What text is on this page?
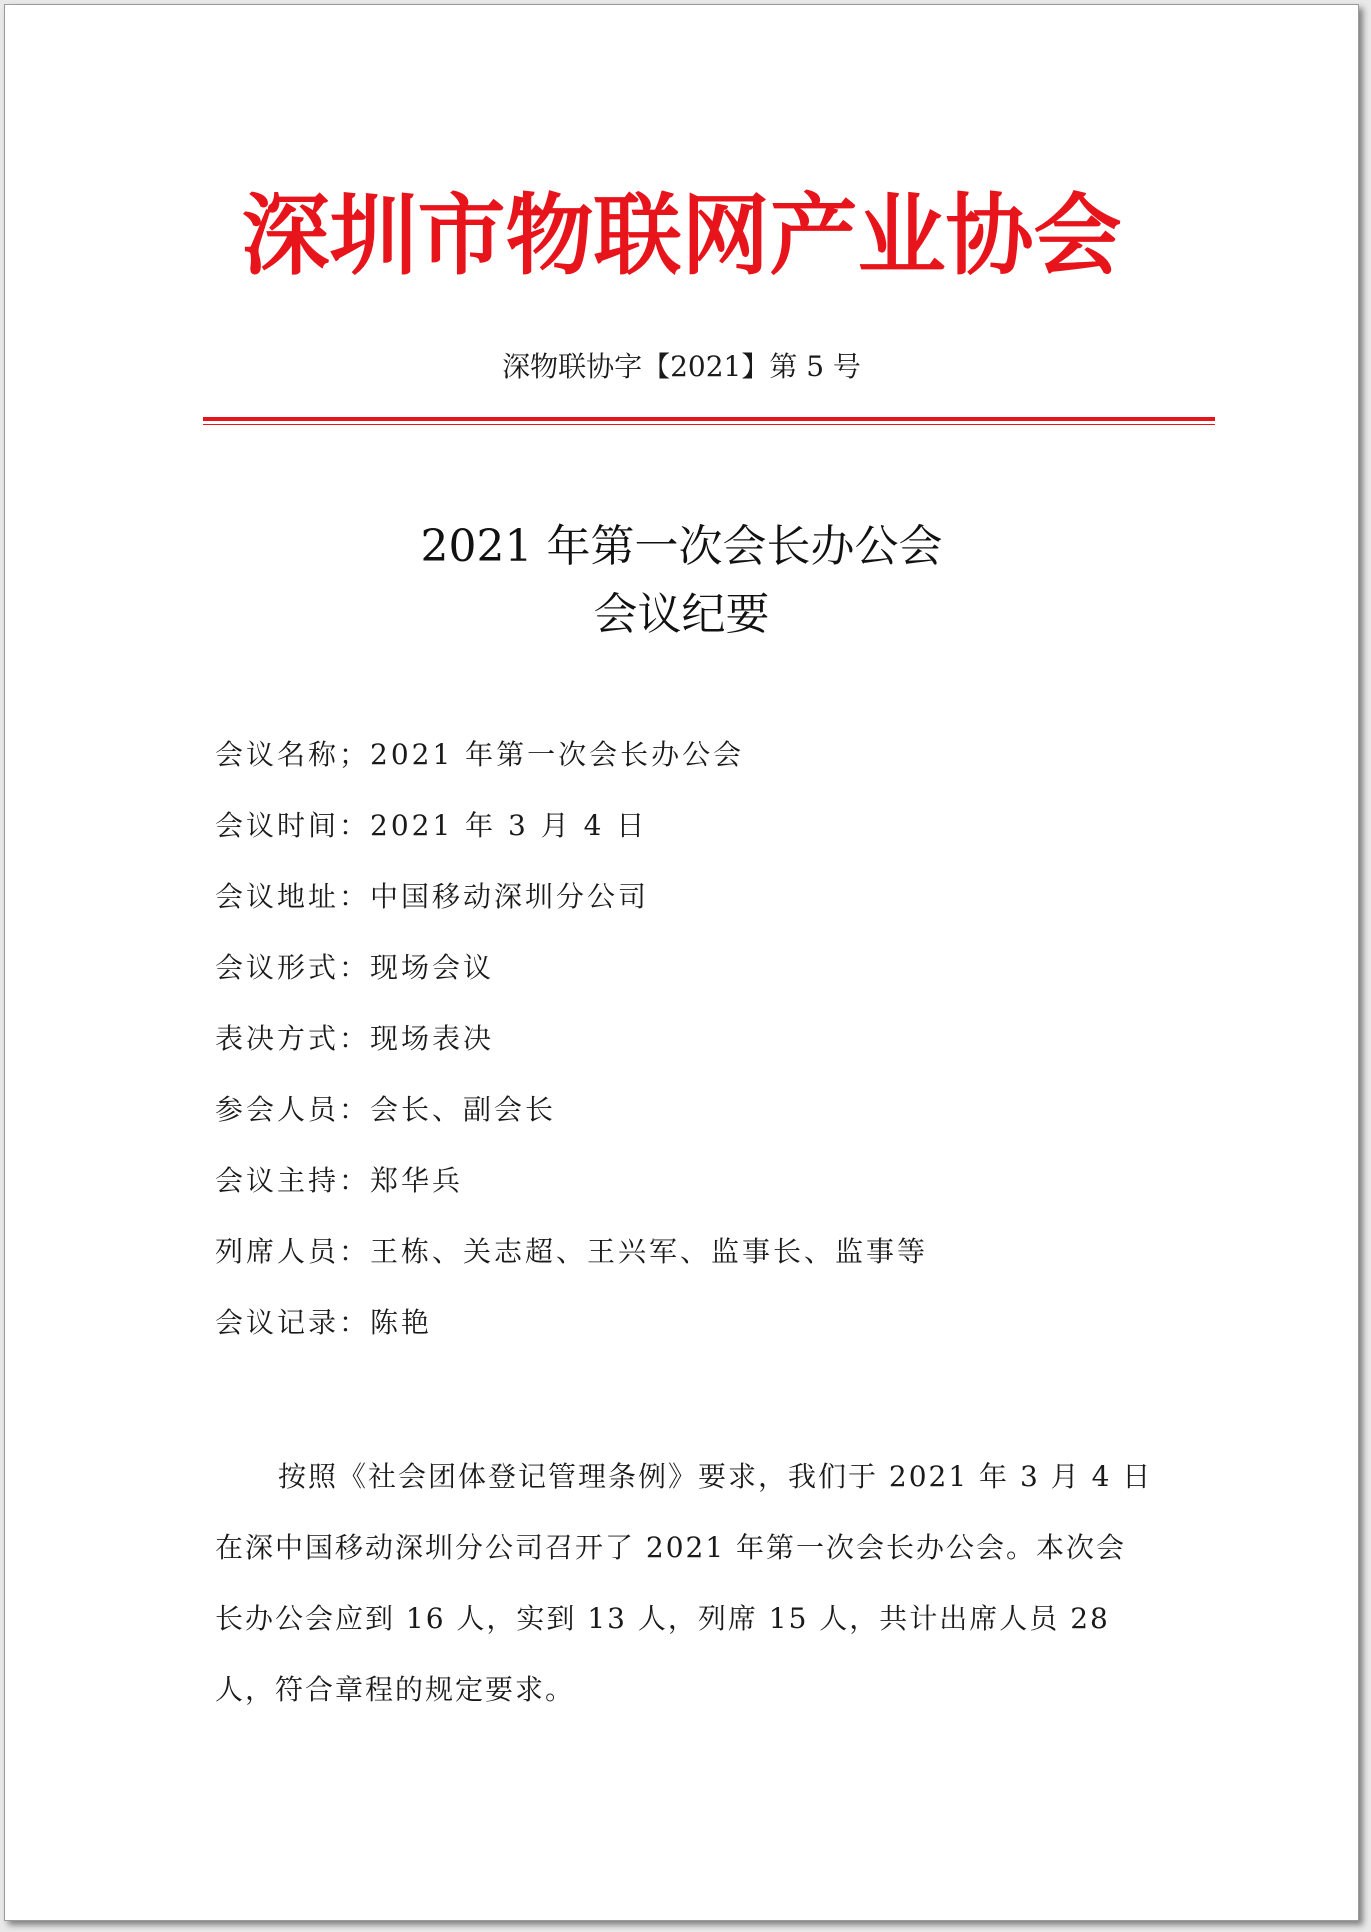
深圳市物联网产业协会
深物联协字【2021】第 5 号
2021 年第一次会长办公会
会议纪要
会议名称；2021 年第一次会长办公会
会议时间：2021 年 3 月 4 日
会议地址：中国移动深圳分公司
会议形式：现场会议
表决方式：现场表决
参会人员：会长、副会长
会议主持：郑华兵
列席人员：王栋、关志超、王兴军、监事长、监事等
会议记录：陈艳

按照《社会团体登记管理条例》要求，我们于 2021 年 3 月 4 日在深中国移动深圳分公司召开了 2021 年第一次会长办公会。本次会长办公会应到 16 人，实到 13 人，列席 15 人，共计出席人员 28 人，符合章程的规定要求。
